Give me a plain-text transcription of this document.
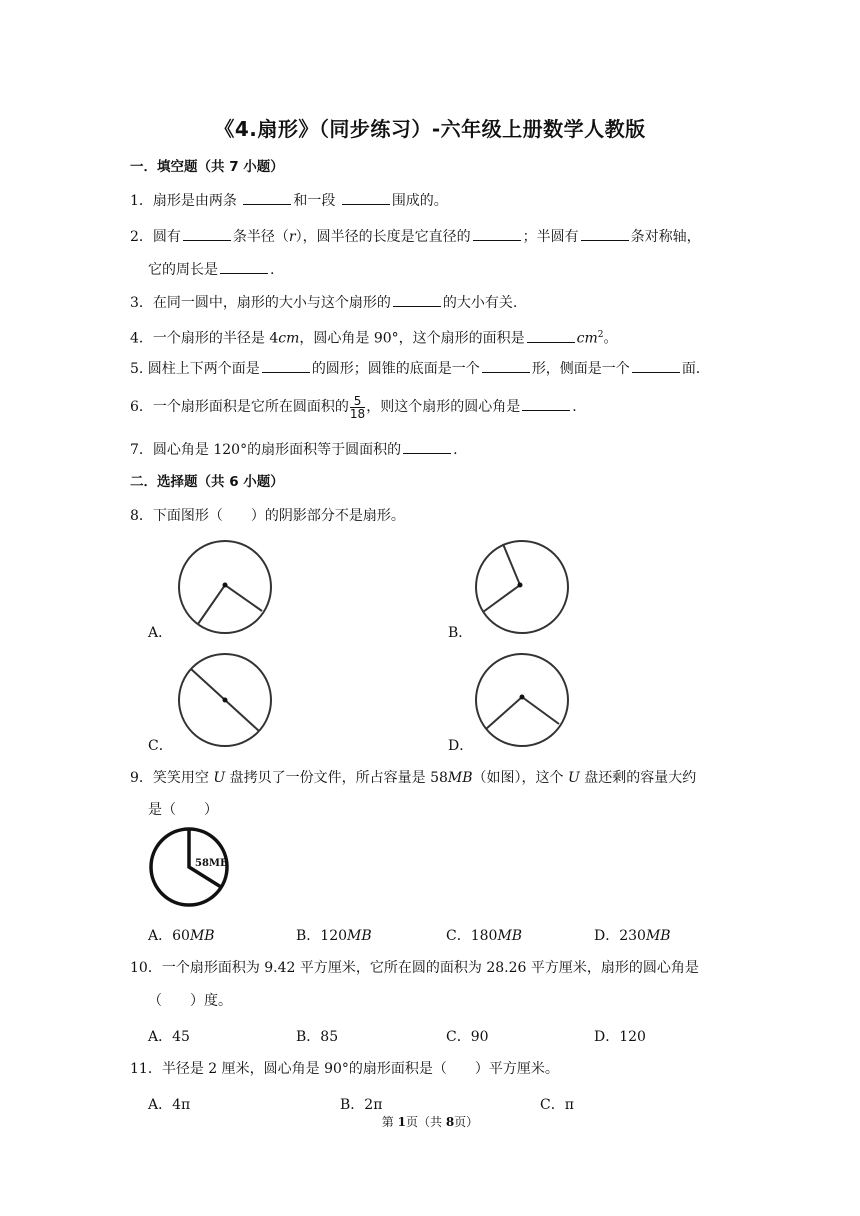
《4.扇形》（同步练习）-六年级上册数学人教版
一．填空题（共 7 小题）
1．扇形是由两条	和一段	围成的。
2．圆有	条半径（r），圆半径的长度是它直径的	；半圆有	条对称轴，
它的周长是	.
3．在同一圆中，扇形的大小与这个扇形的	的大小有关.
4．一个扇形的半径是 4cm，圆心角是 90°，这个扇形的面积是	$cm^2$。
5. 圆柱上下两个面是	的圆形；圆锥的底面是一个	形，侧面是一个	面.
6．一个扇形面积是它所在圆面积的 $\frac{5}{18}$ ，则这个扇形的圆心角是	.
7．圆心角是 120°的扇形面积等于圆面积的	.
二．选择题（共 6 小题）
8．下面图形（　　）的阴影部分不是扇形。
A．	B．
C．	D．
9．笑笑用空 U 盘拷贝了一份文件，所占容量是 58MB（如图），这个 U 盘还剩的容量大约
是（　　）
58MB
A．60MB	B．120MB	C．180MB	D．230MB
10．一个扇形面积为 9.42 平方厘米，它所在圆的面积为 28.26 平方厘米，扇形的圆心角是
（　　）度。
A．45	B．85	C．90	D．120
11．半径是 2 厘米，圆心角是 90°的扇形面积是（　　）平方厘米。
A．4π	B．2π	C．π
第 1页（共 8页）
